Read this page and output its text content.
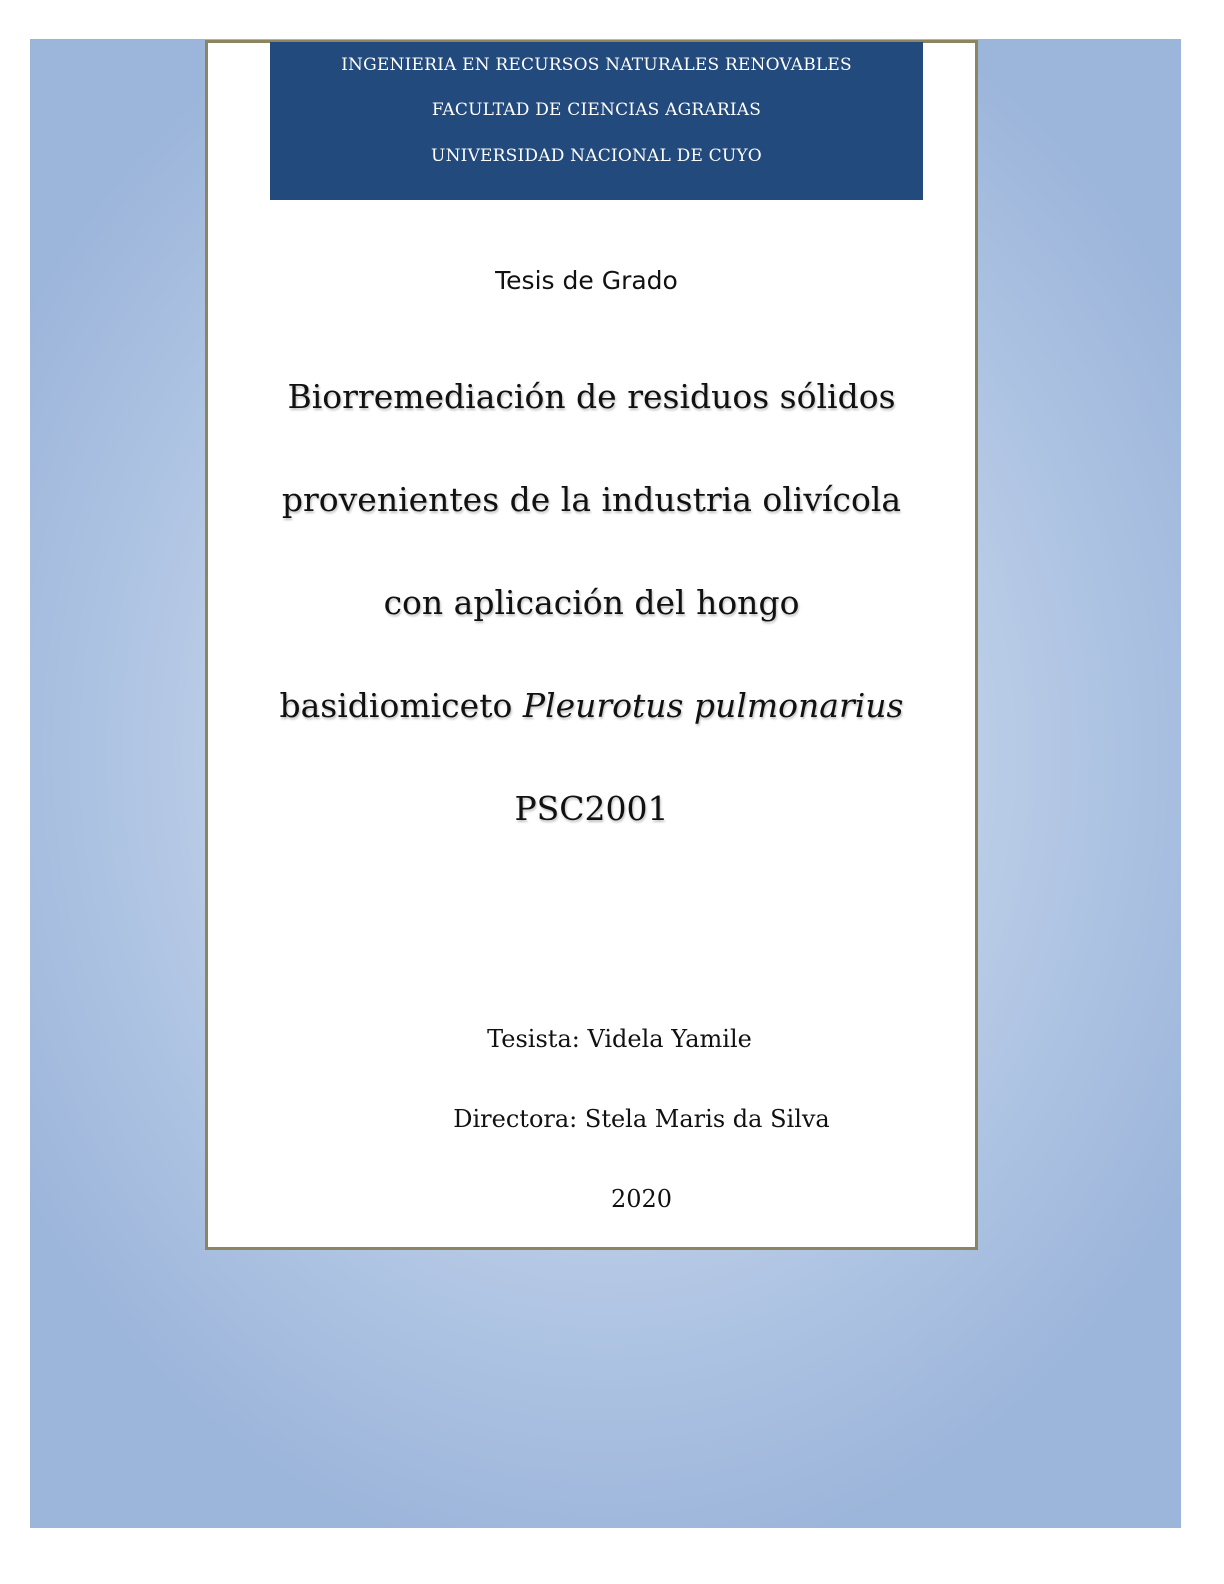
INGENIERIA EN RECURSOS NATURALES RENOVABLES
FACULTAD DE CIENCIAS AGRARIAS
UNIVERSIDAD NACIONAL DE CUYO
Tesis de Grado
Biorremediación de residuos sólidos
provenientes de la industria olivícola
con aplicación del hongo
basidiomiceto Pleurotus pulmonarius
PSC2001
Tesista: Videla Yamile
Directora: Stela Maris da Silva
2020
